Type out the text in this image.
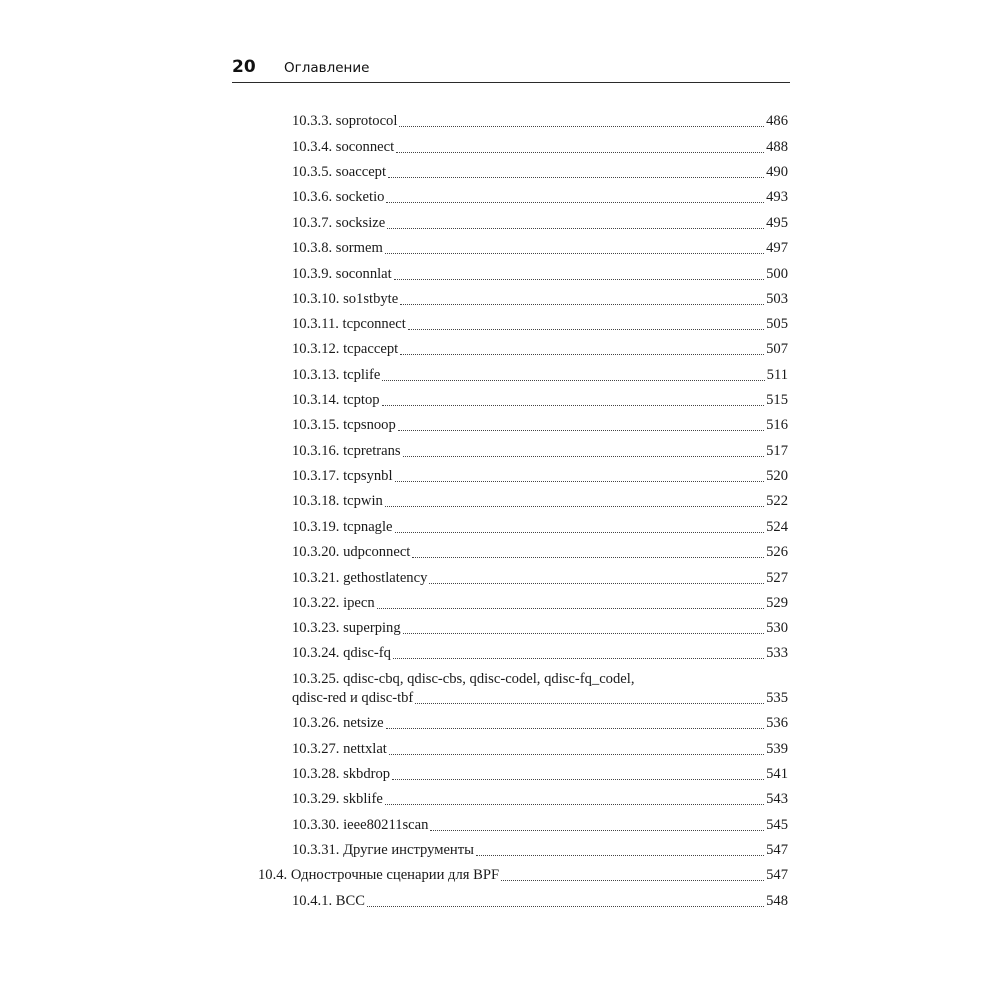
20 Оглавление
10.3.3. soprotocol	486
10.3.4. soconnect	488
10.3.5. soaccept	490
10.3.6. socketio	493
10.3.7. socksize	495
10.3.8. sormem	497
10.3.9. soconnlat	500
10.3.10. so1stbyte	503
10.3.11. tcpconnect	505
10.3.12. tcpaccept	507
10.3.13. tcplife	511
10.3.14. tcptop	515
10.3.15. tcpsnoop	516
10.3.16. tcpretrans	517
10.3.17. tcpsynbl	520
10.3.18. tcpwin	522
10.3.19. tcpnagle	524
10.3.20. udpconnect	526
10.3.21. gethostlatency	527
10.3.22. ipecn	529
10.3.23. superping	530
10.3.24. qdisc-fq	533
10.3.25. qdisc-cbq, qdisc-cbs, qdisc-codel, qdisc-fq_codel,
qdisc-red и qdisc-tbf	535
10.3.26. netsize	536
10.3.27. nettxlat	539
10.3.28. skbdrop	541
10.3.29. skblife	543
10.3.30. ieee80211scan	545
10.3.31. Другие инструменты	547
10.4. Однострочные сценарии для BPF	547
10.4.1. BCC	548
